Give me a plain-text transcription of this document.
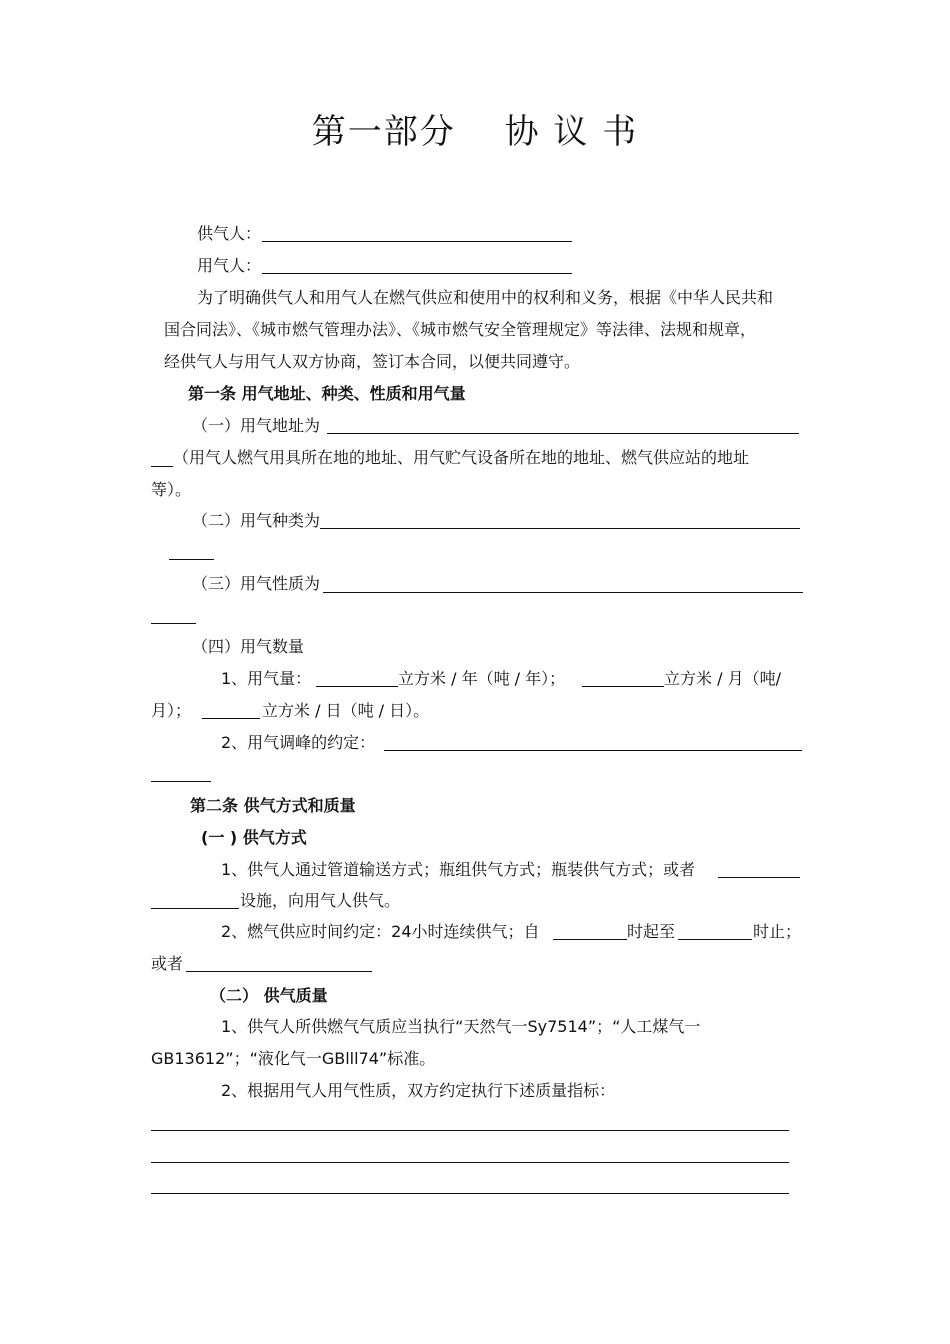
第一部分　 协 议 书
供气人：
用气人：
为了明确供气人和用气人在燃气供应和使用中的权利和义务，根据《中华人民共和
国合同法》、《城市燃气管理办法》、《城市燃气安全管理规定》等法律、法规和规章，
经供气人与用气人双方协商，签订本合同，以便共同遵守。
第一条 用气地址、种类、性质和用气量
（一）用气地址为
（用气人燃气用具所在地的地址、用气贮气设备所在地的地址、燃气供应站的地址
等）。
（二）用气种类为
（三）用气性质为
（四）用气数量
1、用气量：	立方米 / 年（吨 / 年）；	立方米 / 月（吨/
月）；	立方米 / 日（吨 / 日）。
2、用气调峰的约定：
第二条 供气方式和质量
(一 ) 供气方式
1、供气人通过管道输送方式；瓶组供气方式；瓶装供气方式；或者
设施，向用气人供气。
2、燃气供应时间约定：24小时连续供气；自	时起至	时止；
或者
（二） 供气质量
1、供气人所供燃气气质应当执行“天然气一Sy7514”；“人工煤气一
GB13612”；“液化气一GBlll74”标准。
2、根据用气人用气性质，双方约定执行下述质量指标：
